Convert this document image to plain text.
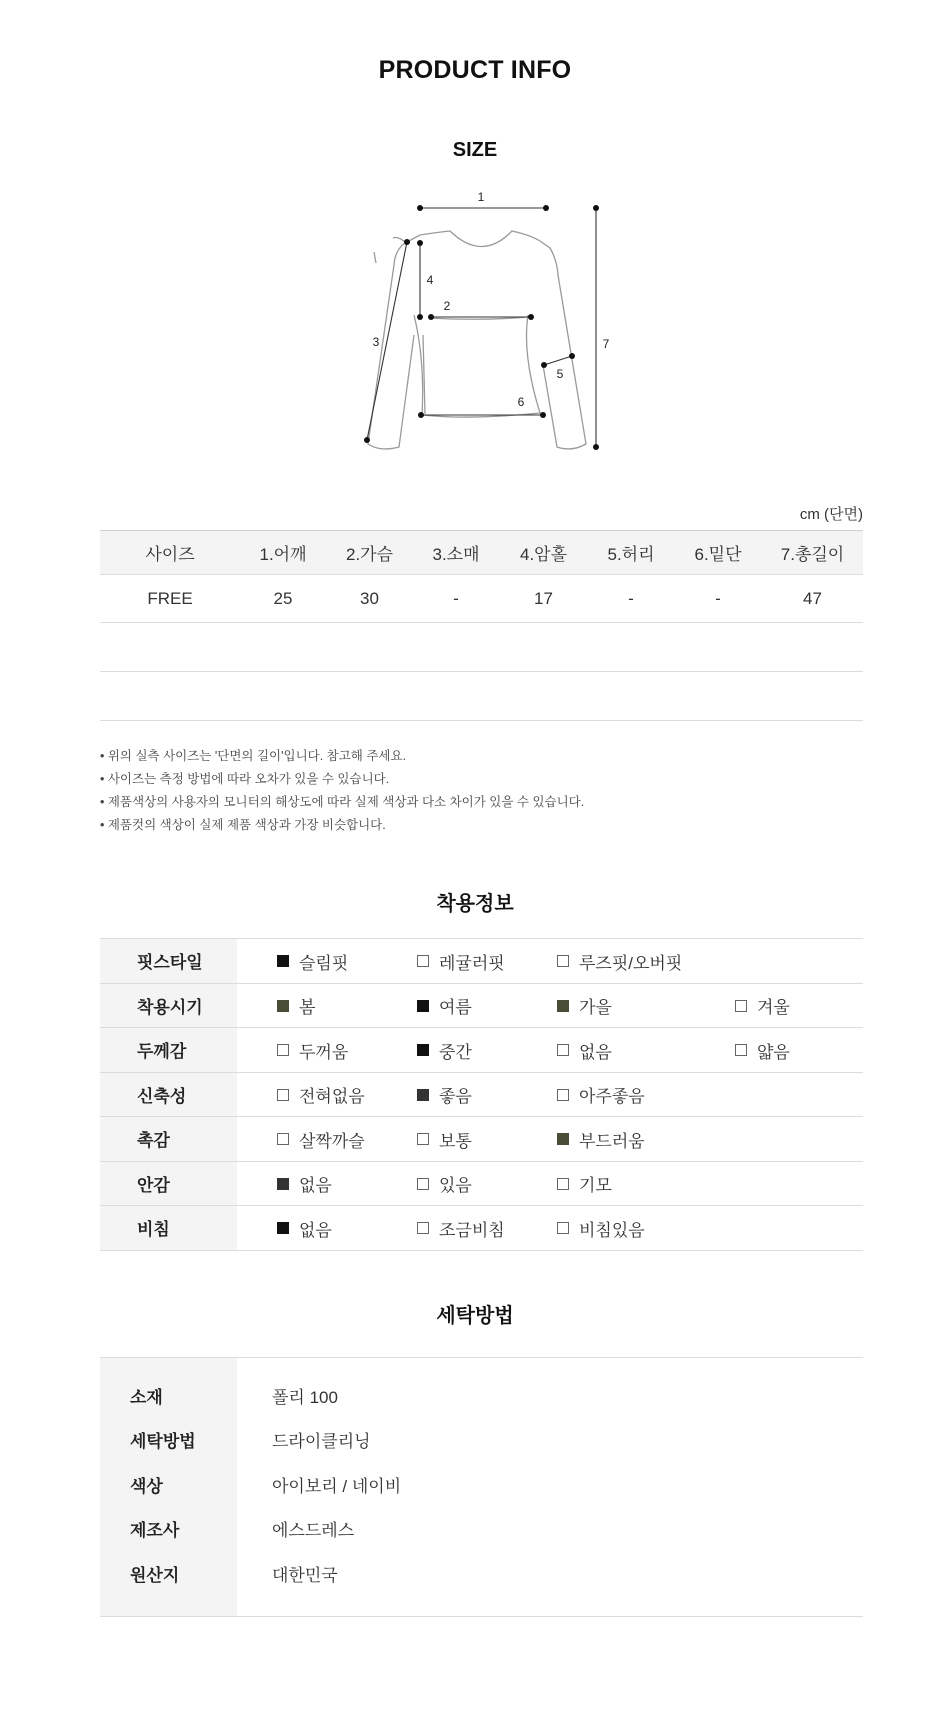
PRODUCT INFO
SIZE
1
2
3
4
5
6
7
cm (단면)
사이즈	1.어깨	2.가슴	3.소매	4.암홀	5.허리	6.밑단	7.총길이
FREE	25	30	-	17	-	-	47
• 위의 실측 사이즈는 '단면의 길이'입니다. 참고해 주세요.
• 사이즈는 측정 방법에 따라 오차가 있을 수 있습니다.
• 제품색상의 사용자의 모니터의 해상도에 따라 실제 색상과 다소 차이가 있을 수 있습니다.
• 제품컷의 색상이 실제 제품 색상과 가장 비슷합니다.
착용정보
핏스타일	슬림핏	레귤러핏	루즈핏/오버핏
착용시기	봄	여름	가을	겨울
두께감	두꺼움	중간	없음	얇음
신축성	전혀없음	좋음	아주좋음
촉감	살짝까슬	보통	부드러움
안감	없음	있음	기모
비침	없음	조금비침	비침있음
세탁방법
소재	폴리 100
세탁방법	드라이클리닝
색상	아이보리 / 네이비
제조사	에스드레스
원산지	대한민국
